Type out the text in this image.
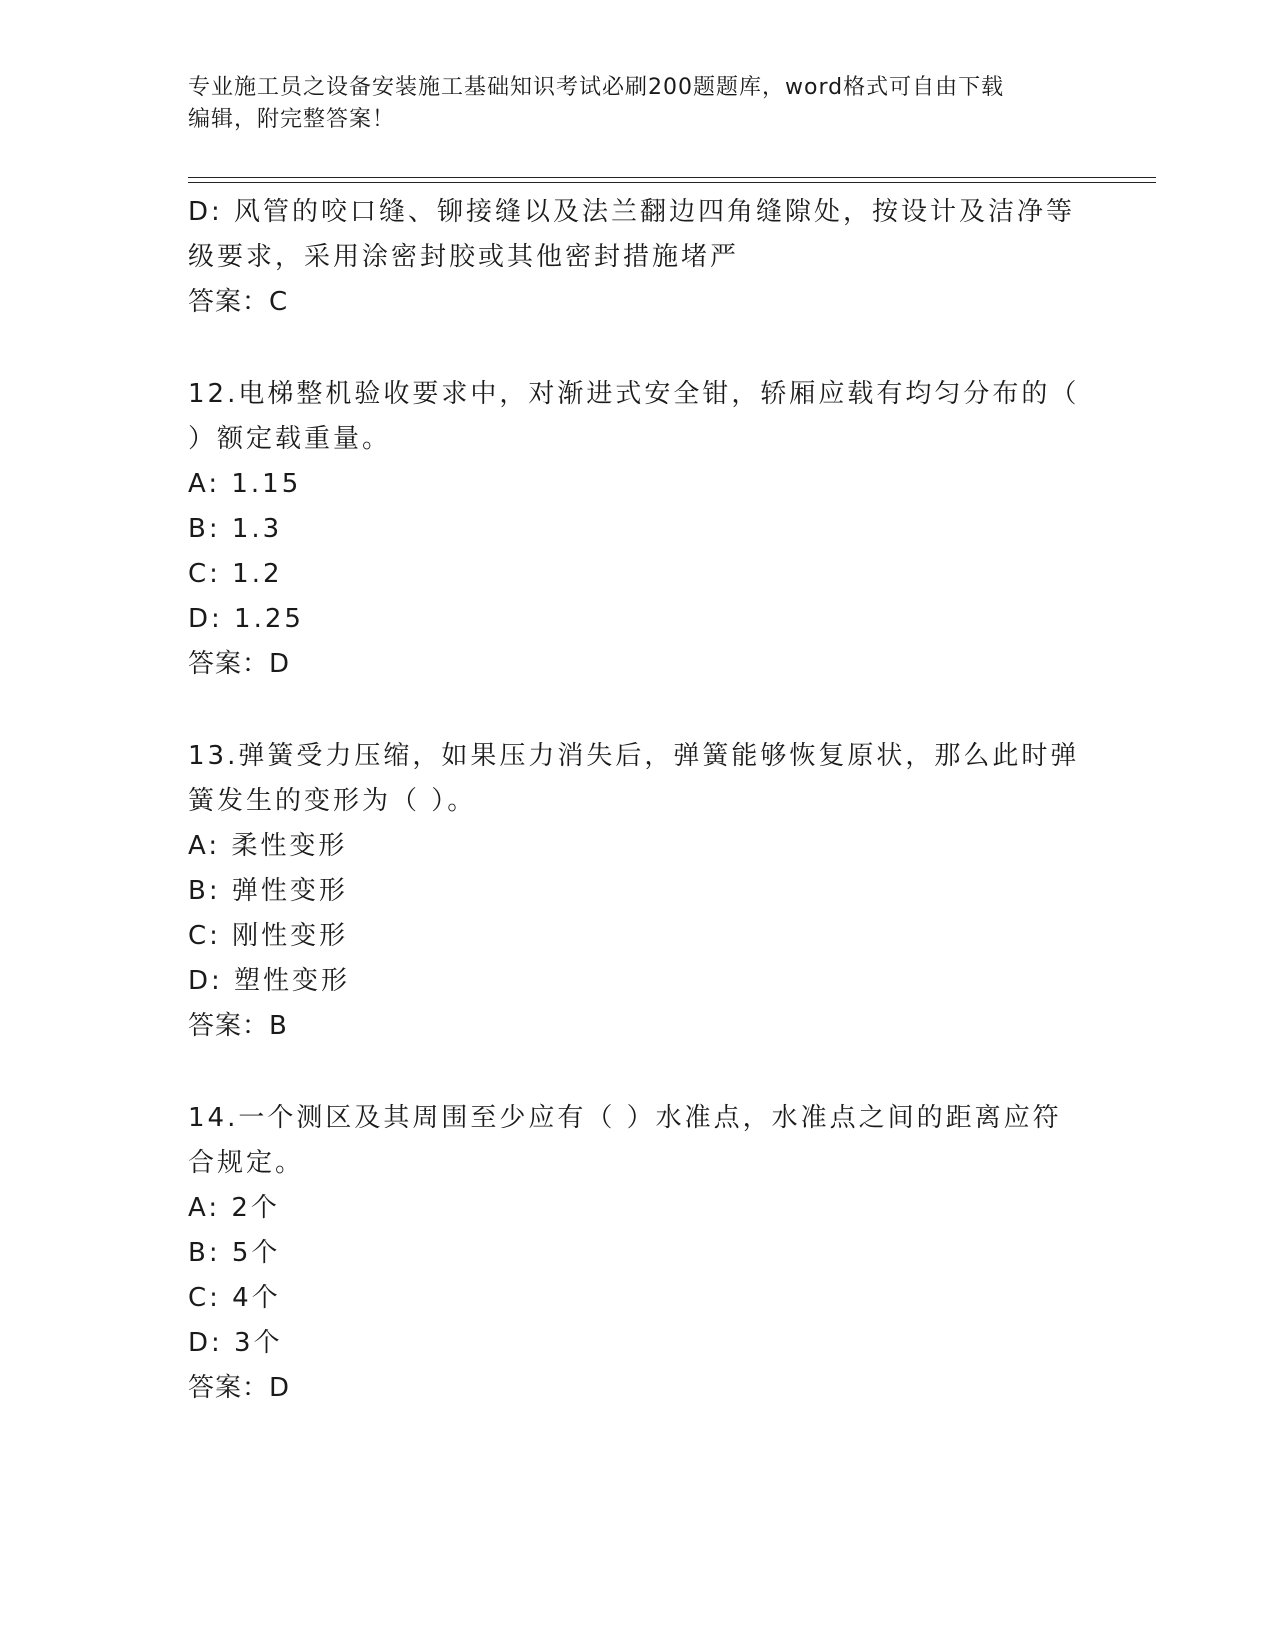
专业施工员之设备安装施工基础知识考试必刷200题题库，word格式可自由下载
编辑，附完整答案！
D: 风管的咬口缝、铆接缝以及法兰翻边四角缝隙处，按设计及洁净等
级要求，采用涂密封胶或其他密封措施堵严
答案：C
12.电梯整机验收要求中，对渐进式安全钳，轿厢应载有均匀分布的（
）额定载重量。
A: 1.15
B: 1.3
C: 1.2
D: 1.25
答案：D
13.弹簧受力压缩，如果压力消失后，弹簧能够恢复原状，那么此时弹
簧发生的变形为（ ）。
A: 柔性变形
B: 弹性变形
C: 刚性变形
D: 塑性变形
答案：B
14.一个测区及其周围至少应有（ ）水准点，水准点之间的距离应符
合规定。
A: 2个
B: 5个
C: 4个
D: 3个
答案：D
